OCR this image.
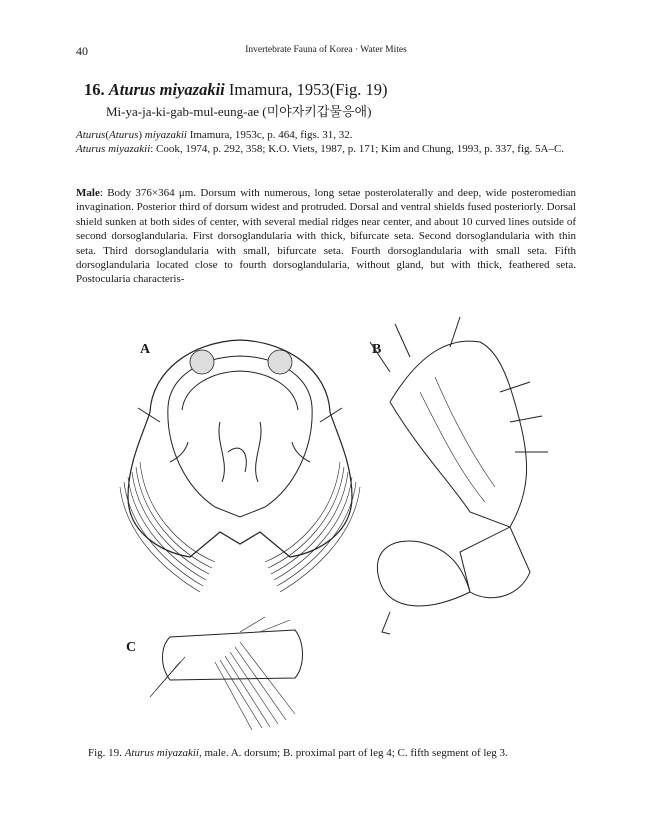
40	Invertebrate Fauna of Korea · Water Mites
16. Aturus miyazakii Imamura, 1953(Fig. 19)
Mi-ya-ja-ki-gab-mul-eung-ae (미야자키갑물응애)

Aturus(Aturus) miyazakii Imamura, 1953c, p. 464, figs. 31, 32.

Aturus miyazakii: Cook, 1974, p. 292, 358; K.O. Viets, 1987, p. 171; Kim and Chung, 1993, p. 337, fig. 5A–C.

Male: Body 376×364 μm. Dorsum with numerous, long setae posterolaterally and deep, wide posteromedian invagination. Posterior third of dorsum widest and protruded. Dorsal and ventral shields fused posteriorly. Dorsal shield sunken at both sides of center, with several medial ridges near center, and about 10 curved lines outside of second dorsoglandularia. First dorsoglandularia with thick, bifurcate seta. Second dorsoglandularia with thin seta. Third dorsoglandularia with small, bifurcate seta. Fourth dorsoglandularia with small seta. Fifth dorsoglandularia located close to fourth dorsoglandularia, without gland, but with thick, feathered seta. Postocularia characteris-

A	B
C
Fig. 19. Aturus miyazakii, male. A. dorsum; B. proximal part of leg 4; C. fifth segment of leg 3.
